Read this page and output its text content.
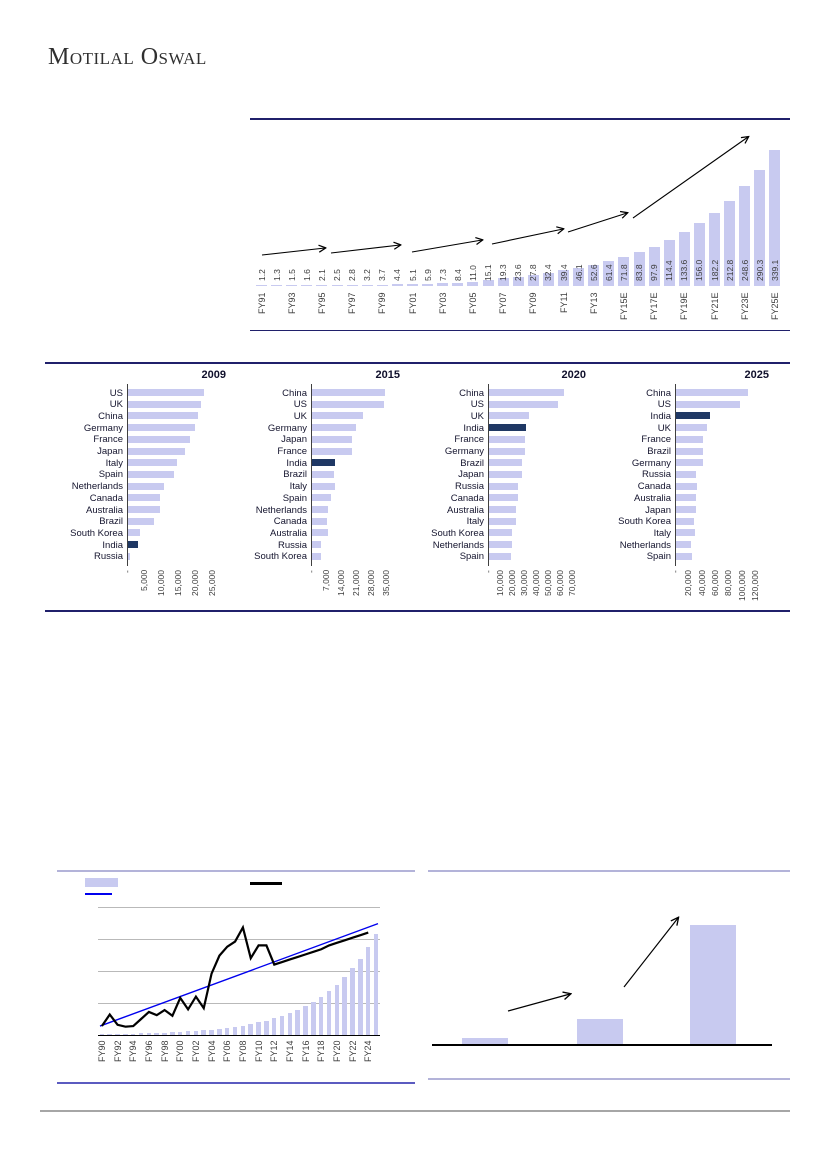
Motilal Oswal
1.2
FY91
1.3 1.5
FY93
1.6 2.1
FY95
2.5 2.8
FY97
3.2 3.7
FY99
4.4 5.1
FY01
5.9 7.3
FY03
8.4 11.0
FY05
15.1 19.3
FY07
23.6 27.8
FY09
32.4 39.4
FY11
46.1 52.6
FY13
61.4 71.8
FY15E
83.8 97.9
FY17E
114.4 133.6
FY19E
156.0 182.2
FY21E
212.8 248.6
FY23E
290.3 339.1
FY25E
2009
US
UK
China
Germany
France
Japan
Italy
Spain
Netherlands
Canada
Australia
Brazil
South Korea
India
Russia
- 5,000 10,000 15,000 20,000 25,000
2015
China
US
UK
Germany
Japan
France
India
Brazil
Italy
Spain
Netherlands
Canada
Australia
Russia
South Korea
- 7,000 14,000 21,000 28,000 35,000
2020
China
US
UK
India
France
Germany
Brazil
Japan
Russia
Canada
Australia
Italy
South Korea
Netherlands
Spain
- 10,000 20,000 30,000 40,000 50,000 60,000 70,000
2025
China
US
India
UK
France
Brazil
Germany
Russia
Canada
Australia
Japan
South Korea
Italy
Netherlands
Spain
- 20,000 40,000 60,000 80,000 100,000 120,000
FY90 FY92 FY94 FY96 FY98 FY00 FY02 FY04 FY06 FY08 FY10 FY12 FY14 FY16 FY18 FY20 FY22 FY24
